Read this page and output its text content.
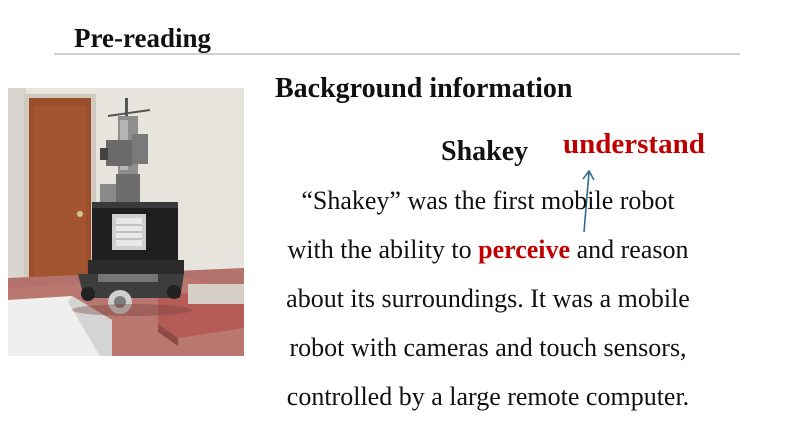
Pre-reading
Background information
Shakey understand
“Shakey” was the first mobile robot
with the ability to perceive and reason
about its surroundings. It was a mobile
robot with cameras and touch sensors,
controlled by a large remote computer.
